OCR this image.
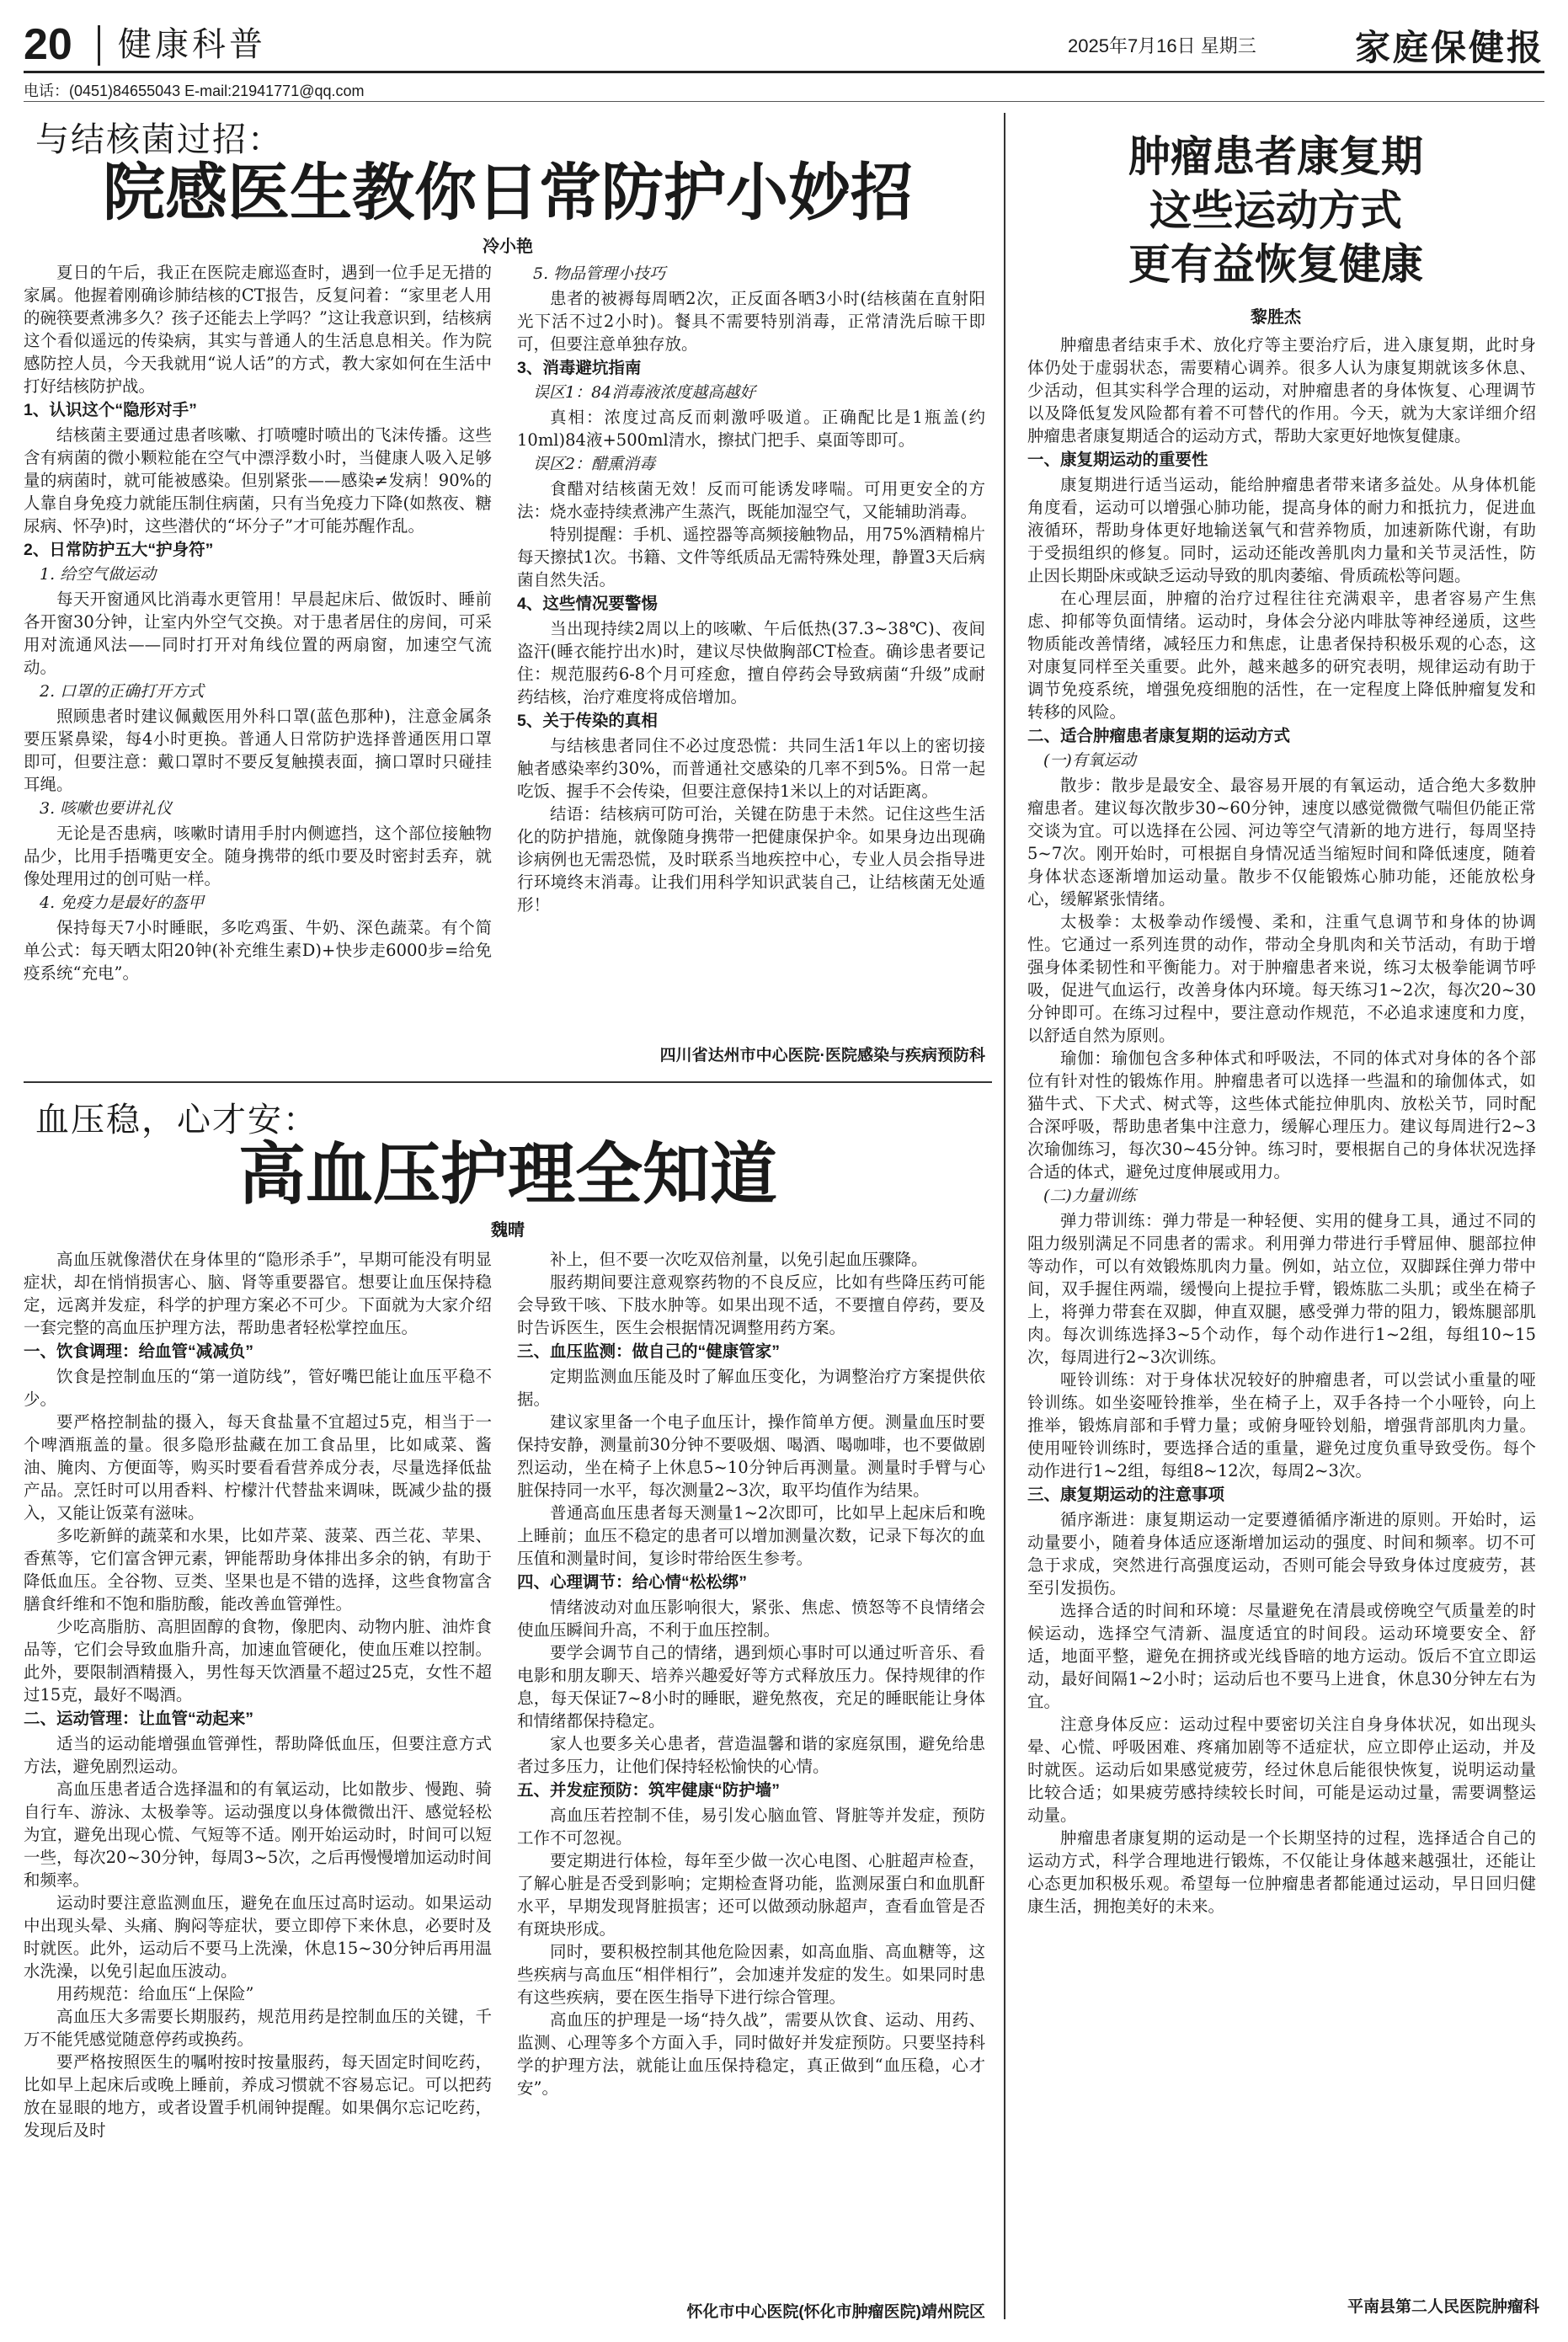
20 健康科普	2025年7月16日 星期三	家庭保健报
电话：(0451)84655043 E-mail:21941771@qq.com
与结核菌过招：
院感医生教你日常防护小妙招
冷小艳

夏日的午后，我正在医院走廊巡查时，遇到一位手足无措的家属。他握着刚确诊肺结核的CT报告，反复问着：“家里老人用的碗筷要煮沸多久？孩子还能去上学吗？”这让我意识到，结核病这个看似遥远的传染病，其实与普通人的生活息息相关。作为院感防控人员，今天我就用“说人话”的方式，教大家如何在生活中打好结核防护战。

1、认识这个“隐形对手”

结核菌主要通过患者咳嗽、打喷嚏时喷出的飞沫传播。这些含有病菌的微小颗粒能在空气中漂浮数小时，当健康人吸入足够量的病菌时，就可能被感染。但别紧张——感染≠发病！90%的人靠自身免疫力就能压制住病菌，只有当免疫力下降(如熬夜、糖尿病、怀孕)时，这些潜伏的“坏分子”才可能苏醒作乱。

2、日常防护五大“护身符”
1. 给空气做运动

每天开窗通风比消毒水更管用！早晨起床后、做饭时、睡前各开窗30分钟，让室内外空气交换。对于患者居住的房间，可采用对流通风法——同时打开对角线位置的两扇窗，加速空气流动。

2. 口罩的正确打开方式

照顾患者时建议佩戴医用外科口罩(蓝色那种)，注意金属条要压紧鼻梁，每4小时更换。普通人日常防护选择普通医用口罩即可，但要注意：戴口罩时不要反复触摸表面，摘口罩时只碰挂耳绳。

3. 咳嗽也要讲礼仪

无论是否患病，咳嗽时请用手肘内侧遮挡，这个部位接触物品少，比用手捂嘴更安全。随身携带的纸巾要及时密封丢弃，就像处理用过的创可贴一样。

4. 免疫力是最好的盔甲

保持每天7小时睡眠，多吃鸡蛋、牛奶、深色蔬菜。有个简单公式：每天晒太阳20钟(补充维生素D)+快步走6000步=给免疫系统“充电”。

5. 物品管理小技巧

患者的被褥每周晒2次，正反面各晒3小时(结核菌在直射阳光下活不过2小时)。餐具不需要特别消毒，正常清洗后晾干即可，但要注意单独存放。

3、消毒避坑指南
误区1：84消毒液浓度越高越好

真相：浓度过高反而刺激呼吸道。正确配比是1瓶盖(约10ml)84液+500ml清水，擦拭门把手、桌面等即可。

误区2：醋熏消毒

食醋对结核菌无效！反而可能诱发哮喘。可用更安全的方法：烧水壶持续煮沸产生蒸汽，既能加湿空气，又能辅助消毒。

特别提醒：手机、遥控器等高频接触物品，用75%酒精棉片每天擦拭1次。书籍、文件等纸质品无需特殊处理，静置3天后病菌自然失活。

4、这些情况要警惕

当出现持续2周以上的咳嗽、午后低热(37.3~38℃)、夜间盗汗(睡衣能拧出水)时，建议尽快做胸部CT检查。确诊患者要记住：规范服药6-8个月可痊愈，擅自停药会导致病菌“升级”成耐药结核，治疗难度将成倍增加。

5、关于传染的真相

与结核患者同住不必过度恐慌：共同生活1年以上的密切接触者感染率约30%，而普通社交感染的几率不到5%。日常一起吃饭、握手不会传染，但要注意保持1米以上的对话距离。

结语：结核病可防可治，关键在防患于未然。记住这些生活化的防护措施，就像随身携带一把健康保护伞。如果身边出现确诊病例也无需恐慌，及时联系当地疾控中心，专业人员会指导进行环境终末消毒。让我们用科学知识武装自己，让结核菌无处遁形！

四川省达州市中心医院·医院感染与疾病预防科
血压稳，心才安：
高血压护理全知道
魏晴

高血压就像潜伏在身体里的“隐形杀手”，早期可能没有明显症状，却在悄悄损害心、脑、肾等重要器官。想要让血压保持稳定，远离并发症，科学的护理方案必不可少。下面就为大家介绍一套完整的高血压护理方法，帮助患者轻松掌控血压。

一、饮食调理：给血管“减减负”

饮食是控制血压的“第一道防线”，管好嘴巴能让血压平稳不少。

要严格控制盐的摄入，每天食盐量不宜超过5克，相当于一个啤酒瓶盖的量。很多隐形盐藏在加工食品里，比如咸菜、酱油、腌肉、方便面等，购买时要看看营养成分表，尽量选择低盐产品。烹饪时可以用香料、柠檬汁代替盐来调味，既减少盐的摄入，又能让饭菜有滋味。

多吃新鲜的蔬菜和水果，比如芹菜、菠菜、西兰花、苹果、香蕉等，它们富含钾元素，钾能帮助身体排出多余的钠，有助于降低血压。全谷物、豆类、坚果也是不错的选择，这些食物富含膳食纤维和不饱和脂肪酸，能改善血管弹性。

少吃高脂肪、高胆固醇的食物，像肥肉、动物内脏、油炸食品等，它们会导致血脂升高，加速血管硬化，使血压难以控制。此外，要限制酒精摄入，男性每天饮酒量不超过25克，女性不超过15克，最好不喝酒。

二、运动管理：让血管“动起来”

适当的运动能增强血管弹性，帮助降低血压，但要注意方式方法，避免剧烈运动。

高血压患者适合选择温和的有氧运动，比如散步、慢跑、骑自行车、游泳、太极拳等。运动强度以身体微微出汗、感觉轻松为宜，避免出现心慌、气短等不适。刚开始运动时，时间可以短一些，每次20~30分钟，每周3~5次，之后再慢慢增加运动时间和频率。

运动时要注意监测血压，避免在血压过高时运动。如果运动中出现头晕、头痛、胸闷等症状，要立即停下来休息，必要时及时就医。此外，运动后不要马上洗澡，休息15~30分钟后再用温水洗澡，以免引起血压波动。

用药规范：给血压“上保险”

高血压大多需要长期服药，规范用药是控制血压的关键，千万不能凭感觉随意停药或换药。

要严格按照医生的嘱咐按时按量服药，每天固定时间吃药，比如早上起床后或晚上睡前，养成习惯就不容易忘记。可以把药放在显眼的地方，或者设置手机闹钟提醒。如果偶尔忘记吃药，发现后及时

补上，但不要一次吃双倍剂量，以免引起血压骤降。

服药期间要注意观察药物的不良反应，比如有些降压药可能会导致干咳、下肢水肿等。如果出现不适，不要擅自停药，要及时告诉医生，医生会根据情况调整用药方案。

三、血压监测：做自己的“健康管家”

定期监测血压能及时了解血压变化，为调整治疗方案提供依据。

建议家里备一个电子血压计，操作简单方便。测量血压时要保持安静，测量前30分钟不要吸烟、喝酒、喝咖啡，也不要做剧烈运动，坐在椅子上休息5~10分钟后再测量。测量时手臂与心脏保持同一水平，每次测量2~3次，取平均值作为结果。

普通高血压患者每天测量1~2次即可，比如早上起床后和晚上睡前；血压不稳定的患者可以增加测量次数，记录下每次的血压值和测量时间，复诊时带给医生参考。

四、心理调节：给心情“松松绑”

情绪波动对血压影响很大，紧张、焦虑、愤怒等不良情绪会使血压瞬间升高，不利于血压控制。

要学会调节自己的情绪，遇到烦心事时可以通过听音乐、看电影和朋友聊天、培养兴趣爱好等方式释放压力。保持规律的作息，每天保证7~8小时的睡眠，避免熬夜，充足的睡眠能让身体和情绪都保持稳定。

家人也要多关心患者，营造温馨和谐的家庭氛围，避免给患者过多压力，让他们保持轻松愉快的心情。

五、并发症预防：筑牢健康“防护墙”

高血压若控制不佳，易引发心脑血管、肾脏等并发症，预防工作不可忽视。

要定期进行体检，每年至少做一次心电图、心脏超声检查，了解心脏是否受到影响；定期检查肾功能，监测尿蛋白和血肌酐水平，早期发现肾脏损害；还可以做颈动脉超声，查看血管是否有斑块形成。

同时，要积极控制其他危险因素，如高血脂、高血糖等，这些疾病与高血压“相伴相行”，会加速并发症的发生。如果同时患有这些疾病，要在医生指导下进行综合管理。

高血压的护理是一场“持久战”，需要从饮食、运动、用药、监测、心理等多个方面入手，同时做好并发症预防。只要坚持科学的护理方法，就能让血压保持稳定，真正做到“血压稳，心才安”。

怀化市中心医院(怀化市肿瘤医院)靖州院区
肿瘤患者康复期
这些运动方式
更有益恢复健康
黎胜杰

肿瘤患者结束手术、放化疗等主要治疗后，进入康复期，此时身体仍处于虚弱状态，需要精心调养。很多人认为康复期就该多休息、少活动，但其实科学合理的运动，对肿瘤患者的身体恢复、心理调节以及降低复发风险都有着不可替代的作用。今天，就为大家详细介绍肿瘤患者康复期适合的运动方式，帮助大家更好地恢复健康。

一、康复期运动的重要性

康复期进行适当运动，能给肿瘤患者带来诸多益处。从身体机能角度看，运动可以增强心肺功能，提高身体的耐力和抵抗力，促进血液循环，帮助身体更好地输送氧气和营养物质，加速新陈代谢，有助于受损组织的修复。同时，运动还能改善肌肉力量和关节灵活性，防止因长期卧床或缺乏运动导致的肌肉萎缩、骨质疏松等问题。

在心理层面，肿瘤的治疗过程往往充满艰辛，患者容易产生焦虑、抑郁等负面情绪。运动时，身体会分泌内啡肽等神经递质，这些物质能改善情绪，减轻压力和焦虑，让患者保持积极乐观的心态，这对康复同样至关重要。此外，越来越多的研究表明，规律运动有助于调节免疫系统，增强免疫细胞的活性，在一定程度上降低肿瘤复发和转移的风险。

二、适合肿瘤患者康复期的运动方式
(一)有氧运动

散步：散步是最安全、最容易开展的有氧运动，适合绝大多数肿瘤患者。建议每次散步30~60分钟，速度以感觉微微气喘但仍能正常交谈为宜。可以选择在公园、河边等空气清新的地方进行，每周坚持5~7次。刚开始时，可根据自身情况适当缩短时间和降低速度，随着身体状态逐渐增加运动量。散步不仅能锻炼心肺功能，还能放松身心，缓解紧张情绪。

太极拳：太极拳动作缓慢、柔和，注重气息调节和身体的协调性。它通过一系列连贯的动作，带动全身肌肉和关节活动，有助于增强身体柔韧性和平衡能力。对于肿瘤患者来说，练习太极拳能调节呼吸，促进气血运行，改善身体内环境。每天练习1~2次，每次20~30分钟即可。在练习过程中，要注意动作规范，不必追求速度和力度，以舒适自然为原则。

瑜伽：瑜伽包含多种体式和呼吸法，不同的体式对身体的各个部位有针对性的锻炼作用。肿瘤患者可以选择一些温和的瑜伽体式，如猫牛式、下犬式、树式等，这些体式能拉伸肌肉、放松关节，同时配合深呼吸，帮助患者集中注意力，缓解心理压力。建议每周进行2~3次瑜伽练习，每次30~45分钟。练习时，要根据自己的身体状况选择合适的体式，避免过度伸展或用力。

(二)力量训练

弹力带训练：弹力带是一种轻便、实用的健身工具，通过不同的阻力级别满足不同患者的需求。利用弹力带进行手臂屈伸、腿部拉伸等动作，可以有效锻炼肌肉力量。例如，站立位，双脚踩住弹力带中间，双手握住两端，缓慢向上提拉手臂，锻炼肱二头肌；或坐在椅子上，将弹力带套在双脚，伸直双腿，感受弹力带的阻力，锻炼腿部肌肉。每次训练选择3~5个动作，每个动作进行1~2组，每组10~15次，每周进行2~3次训练。

哑铃训练：对于身体状况较好的肿瘤患者，可以尝试小重量的哑铃训练。如坐姿哑铃推举，坐在椅子上，双手各持一个小哑铃，向上推举，锻炼肩部和手臂力量；或俯身哑铃划船，增强背部肌肉力量。使用哑铃训练时，要选择合适的重量，避免过度负重导致受伤。每个动作进行1~2组，每组8~12次，每周2~3次。

三、康复期运动的注意事项

循序渐进：康复期运动一定要遵循循序渐进的原则。开始时，运动量要小，随着身体适应逐渐增加运动的强度、时间和频率。切不可急于求成，突然进行高强度运动，否则可能会导致身体过度疲劳，甚至引发损伤。

选择合适的时间和环境：尽量避免在清晨或傍晚空气质量差的时候运动，选择空气清新、温度适宜的时间段。运动环境要安全、舒适，地面平整，避免在拥挤或光线昏暗的地方运动。饭后不宜立即运动，最好间隔1~2小时；运动后也不要马上进食，休息30分钟左右为宜。

注意身体反应：运动过程中要密切关注自身身体状况，如出现头晕、心慌、呼吸困难、疼痛加剧等不适症状，应立即停止运动，并及时就医。运动后如果感觉疲劳，经过休息后能很快恢复，说明运动量比较合适；如果疲劳感持续较长时间，可能是运动过量，需要调整运动量。

肿瘤患者康复期的运动是一个长期坚持的过程，选择适合自己的运动方式，科学合理地进行锻炼，不仅能让身体越来越强壮，还能让心态更加积极乐观。希望每一位肿瘤患者都能通过运动，早日回归健康生活，拥抱美好的未来。

平南县第二人民医院肿瘤科
